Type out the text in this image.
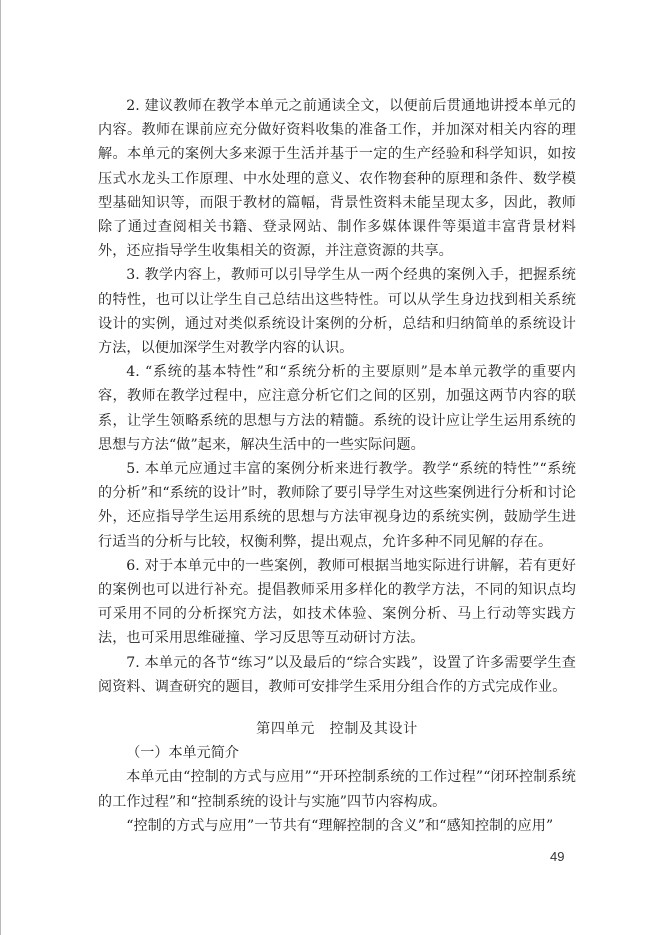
2. 建议教师在教学本单元之前通读全文，以便前后贯通地讲授本单元的内容。教师在课前应充分做好资料收集的准备工作，并加深对相关内容的理解。本单元的案例大多来源于生活并基于一定的生产经验和科学知识，如按压式水龙头工作原理、中水处理的意义、农作物套种的原理和条件、数学模型基础知识等，而限于教材的篇幅，背景性资料未能呈现太多，因此，教师除了通过查阅相关书籍、登录网站、制作多媒体课件等渠道丰富背景材料外，还应指导学生收集相关的资源，并注意资源的共享。

3. 教学内容上，教师可以引导学生从一两个经典的案例入手，把握系统的特性，也可以让学生自己总结出这些特性。可以从学生身边找到相关系统设计的实例，通过对类似系统设计案例的分析，总结和归纳简单的系统设计方法，以便加深学生对教学内容的认识。

4. “系统的基本特性”和“系统分析的主要原则”是本单元教学的重要内容，教师在教学过程中，应注意分析它们之间的区别，加强这两节内容的联系，让学生领略系统的思想与方法的精髓。系统的设计应让学生运用系统的思想与方法“做”起来，解决生活中的一些实际问题。

5. 本单元应通过丰富的案例分析来进行教学。教学“系统的特性”“系统的分析”和“系统的设计”时，教师除了要引导学生对这些案例进行分析和讨论外，还应指导学生运用系统的思想与方法审视身边的系统实例，鼓励学生进行适当的分析与比较，权衡利弊，提出观点，允许多种不同见解的存在。

6. 对于本单元中的一些案例，教师可根据当地实际进行讲解，若有更好的案例也可以进行补充。提倡教师采用多样化的教学方法，不同的知识点均可采用不同的分析探究方法，如技术体验、案例分析、马上行动等实践方法，也可采用思维碰撞、学习反思等互动研讨方法。

7. 本单元的各节“练习”以及最后的“综合实践”，设置了许多需要学生查阅资料、调查研究的题目，教师可安排学生采用分组合作的方式完成作业。

第四单元　控制及其设计

（一）本单元简介

本单元由“控制的方式与应用”“开环控制系统的工作过程”“闭环控制系统的工作过程”和“控制系统的设计与实施”四节内容构成。

“控制的方式与应用”一节共有“理解控制的含义”和“感知控制的应用”

49
